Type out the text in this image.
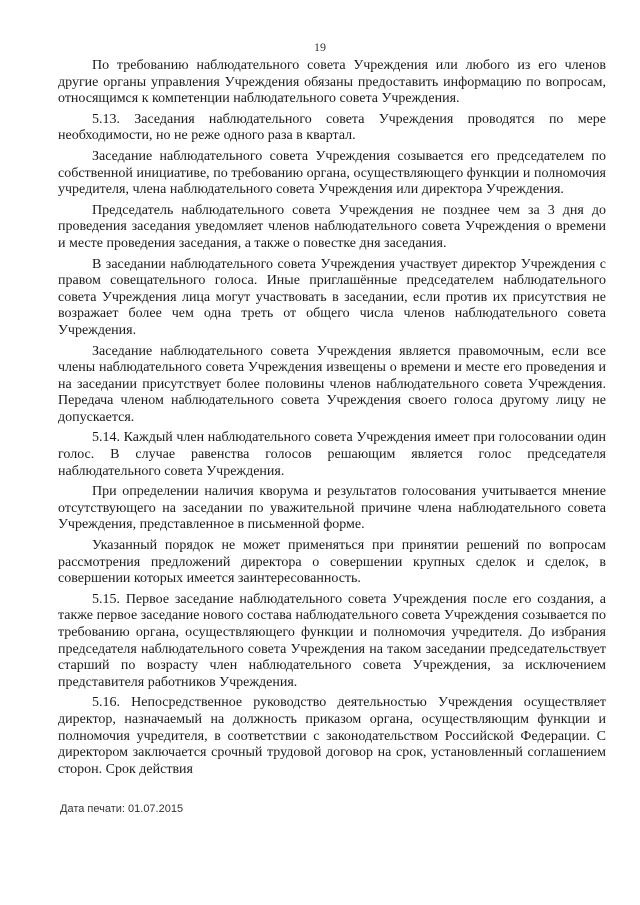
19

По требованию наблюдательного совета Учреждения или любого из его членов другие органы управления Учреждения обязаны предоставить информацию по вопросам, относящимся к компетенции наблюдательного совета Учреждения.

5.13. Заседания наблюдательного совета Учреждения проводятся по мере необходимости, но не реже одного раза в квартал.

Заседание наблюдательного совета Учреждения созывается его председателем по собственной инициативе, по требованию органа, осуществляющего функции и полномочия учредителя, члена наблюдательного совета Учреждения или директора Учреждения.

Председатель наблюдательного совета Учреждения не позднее чем за 3 дня до проведения заседания уведомляет членов наблюдательного совета Учреждения о времени и месте проведения заседания, а также о повестке дня заседания.

В заседании наблюдательного совета Учреждения участвует директор Учреждения с правом совещательного голоса. Иные приглашённые председателем наблюдательного совета Учреждения лица могут участвовать в заседании, если против их присутствия не возражает более чем одна треть от общего числа членов наблюдательного совета Учреждения.

Заседание наблюдательного совета Учреждения является правомочным, если все члены наблюдательного совета Учреждения извещены о времени и месте его проведения и на заседании присутствует более половины членов наблюдательного совета Учреждения. Передача членом наблюдательного совета Учреждения своего голоса другому лицу не допускается.

5.14. Каждый член наблюдательного совета Учреждения имеет при голосовании один голос. В случае равенства голосов решающим является голос председателя наблюдательного совета Учреждения.

При определении наличия кворума и результатов голосования учитывается мнение отсутствующего на заседании по уважительной причине члена наблюдательного совета Учреждения, представленное в письменной форме.

Указанный порядок не может применяться при принятии решений по вопросам рассмотрения предложений директора о совершении крупных сделок и сделок, в совершении которых имеется заинтересованность.

5.15. Первое заседание наблюдательного совета Учреждения после его создания, а также первое заседание нового состава наблюдательного совета Учреждения созывается по требованию органа, осуществляющего функции и полномочия учредителя. До избрания председателя наблюдательного совета Учреждения на таком заседании председательствует старший по возрасту член наблюдательного совета Учреждения, за исключением представителя работников Учреждения.

5.16. Непосредственное руководство деятельностью Учреждения осуществляет директор, назначаемый на должность приказом органа, осуществляющим функции и полномочия учредителя, в соответствии с законодательством Российской Федерации. С директором заключается срочный трудовой договор на срок, установленный соглашением сторон. Срок действия

Дата печати: 01.07.2015
